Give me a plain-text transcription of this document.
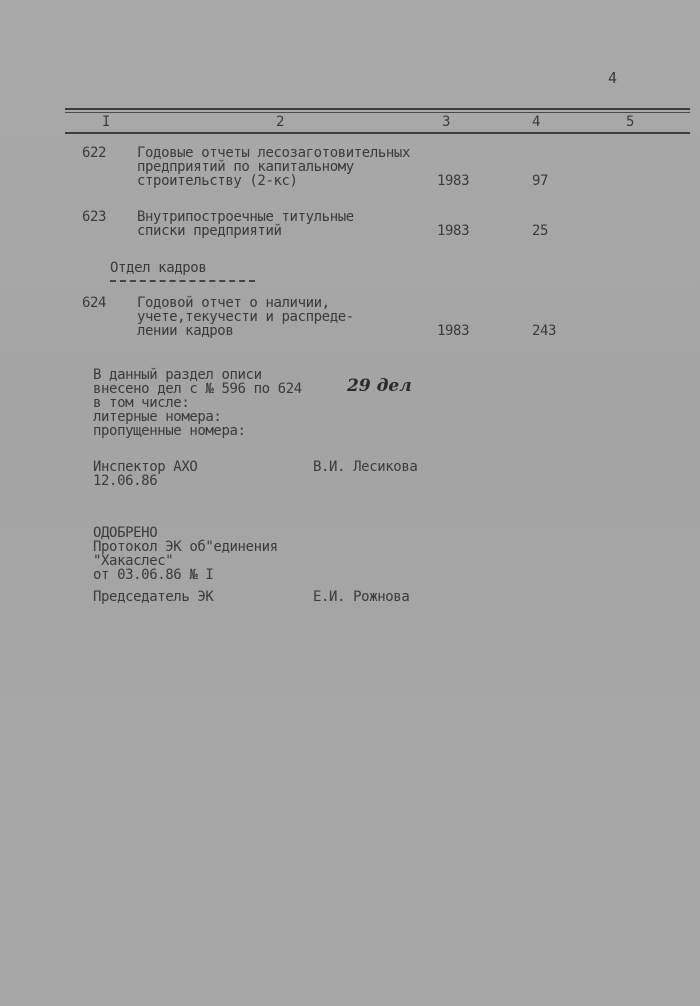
4
I	2	3	4	5
622 Годовые отчеты лесозаготовительных
предприятий по капитальному
строительству (2-кс)	1983	97
623 Внутрипостроечные титульные
списки предприятий	1983	25
Отдел кадров
624 Годовой отчет о наличии,
учете,текучести и распреде-
лении кадров	1983	243
В данный раздел описи
внесено дел с № 596 по 624	29 дел
в том числе:
литерные номера:
пропущенные номера:
Инспектор АХО	В.И. Лесикова
12.06.86
ОДОБРЕНО
Протокол ЭК об"единения
"Хакаслес"
от 03.06.86 № I
Председатель ЭК	Е.И. Рожнова
